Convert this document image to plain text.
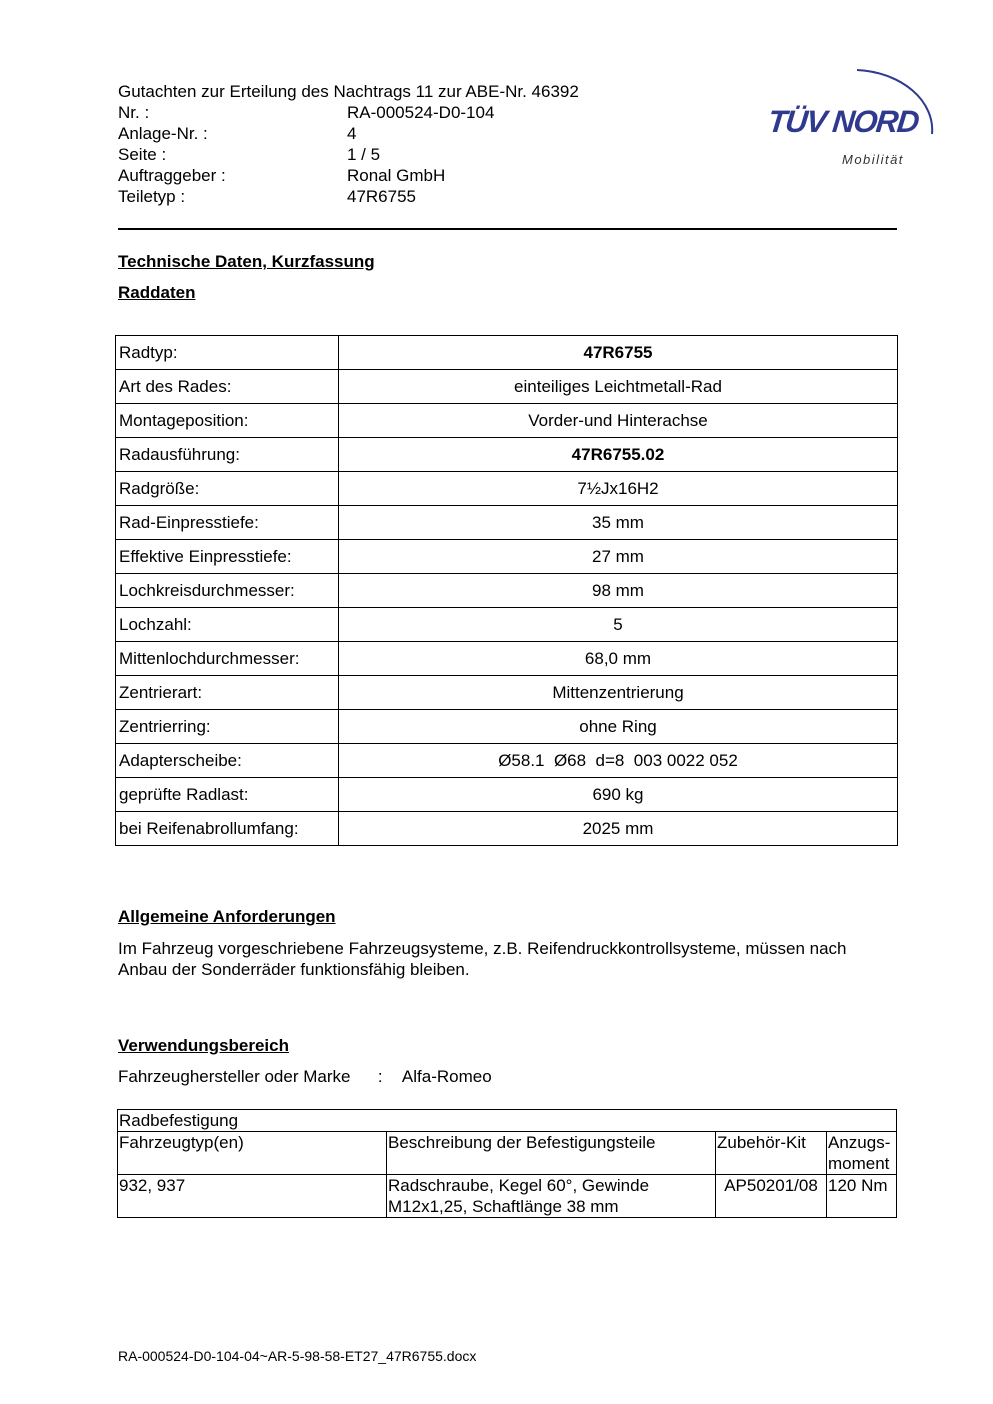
Gutachten zur Erteilung des Nachtrags 11 zur ABE-Nr. 46392
Nr. :	RA-000524-D0-104
Anlage-Nr. :	4
Seite :	1 / 5
Auftraggeber :	Ronal GmbH
Teiletyp :	47R6755
TÜV NORD
Mobilität
Technische Daten, Kurzfassung
Raddaten
Radtyp:	47R6755
Art des Rades:	einteiliges Leichtmetall-Rad
Montageposition:	Vorder-und Hinterachse
Radausführung:	47R6755.02
Radgröße:	7½Jx16H2
Rad-Einpresstiefe:	35 mm
Effektive Einpresstiefe:	27 mm
Lochkreisdurchmesser:	98 mm
Lochzahl:	5
Mittenlochdurchmesser:	68,0 mm
Zentrierart:	Mittenzentrierung
Zentrierring:	ohne Ring
Adapterscheibe:	Ø58.1  Ø68  d=8  003 0022 052
geprüfte Radlast:	690 kg
bei Reifenabrollumfang:	2025 mm
Allgemeine Anforderungen
Im Fahrzeug vorgeschriebene Fahrzeugsysteme, z.B. Reifendruckkontrollsysteme, müssen nach Anbau der Sonderräder funktionsfähig bleiben.
Verwendungsbereich
Fahrzeughersteller oder Marke : Alfa-Romeo
Radbefestigung			
Fahrzeugtyp(en)	Beschreibung der Befestigungsteile	Zubehör-Kit	Anzugs-
moment
932, 937	Radschraube, Kegel 60°, Gewinde M12x1,25, Schaftlänge 38 mm	AP50201/08	120 Nm
RA-000524-D0-104-04~AR-5-98-58-ET27_47R6755.docx
